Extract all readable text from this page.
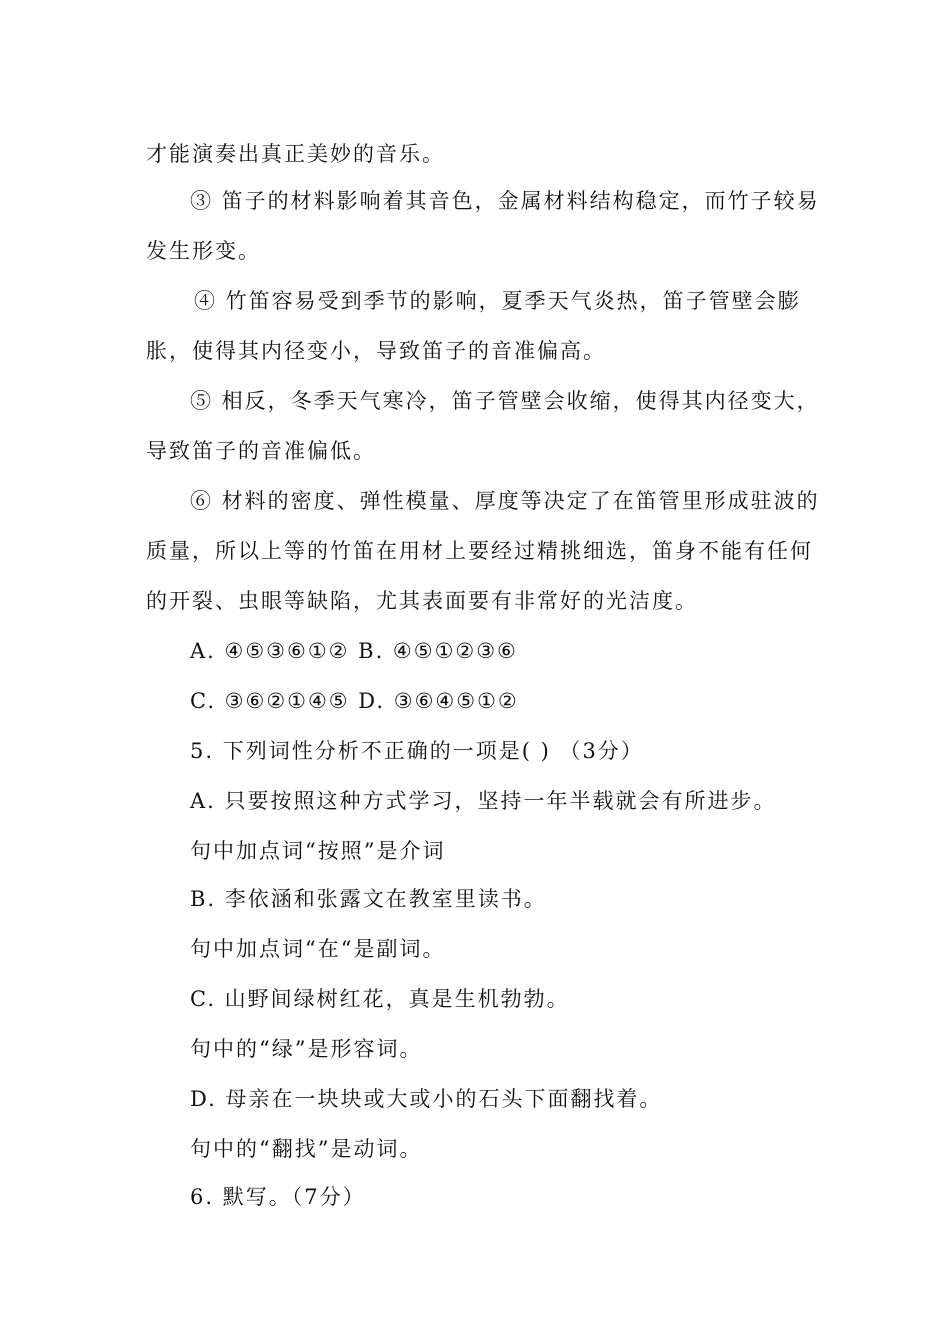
才能演奏出真正美妙的音乐。
③ 笛子的材料影响着其音色，金属材料结构稳定，而竹子较易
发生形变。
④ 竹笛容易受到季节的影响，夏季天气炎热，笛子管壁会膨
胀，使得其内径变小，导致笛子的音准偏高。
⑤ 相反，冬季天气寒冷，笛子管壁会收缩，使得其内径变大，
导致笛子的音准偏低。
⑥ 材料的密度、弹性模量、厚度等决定了在笛管里形成驻波的
质量，所以上等的竹笛在用材上要经过精挑细选，笛身不能有任何
的开裂、虫眼等缺陷，尤其表面要有非常好的光洁度。
A. ④⑤③⑥①② B. ④⑤①②③⑥
C. ③⑥②①④⑤ D. ③⑥④⑤①②
5. 下列词性分析不正确的一项是( ) （3分）
A. 只要按照这种方式学习，坚持一年半载就会有所进步。
句中加点词“按照”是介词
B. 李依涵和张露文在教室里读书。
句中加点词“在“是副词。
C. 山野间绿树红花，真是生机勃勃。
句中的“绿”是形容词。
D. 母亲在一块块或大或小的石头下面翻找着。
句中的“翻找”是动词。
6. 默写。（7分）
